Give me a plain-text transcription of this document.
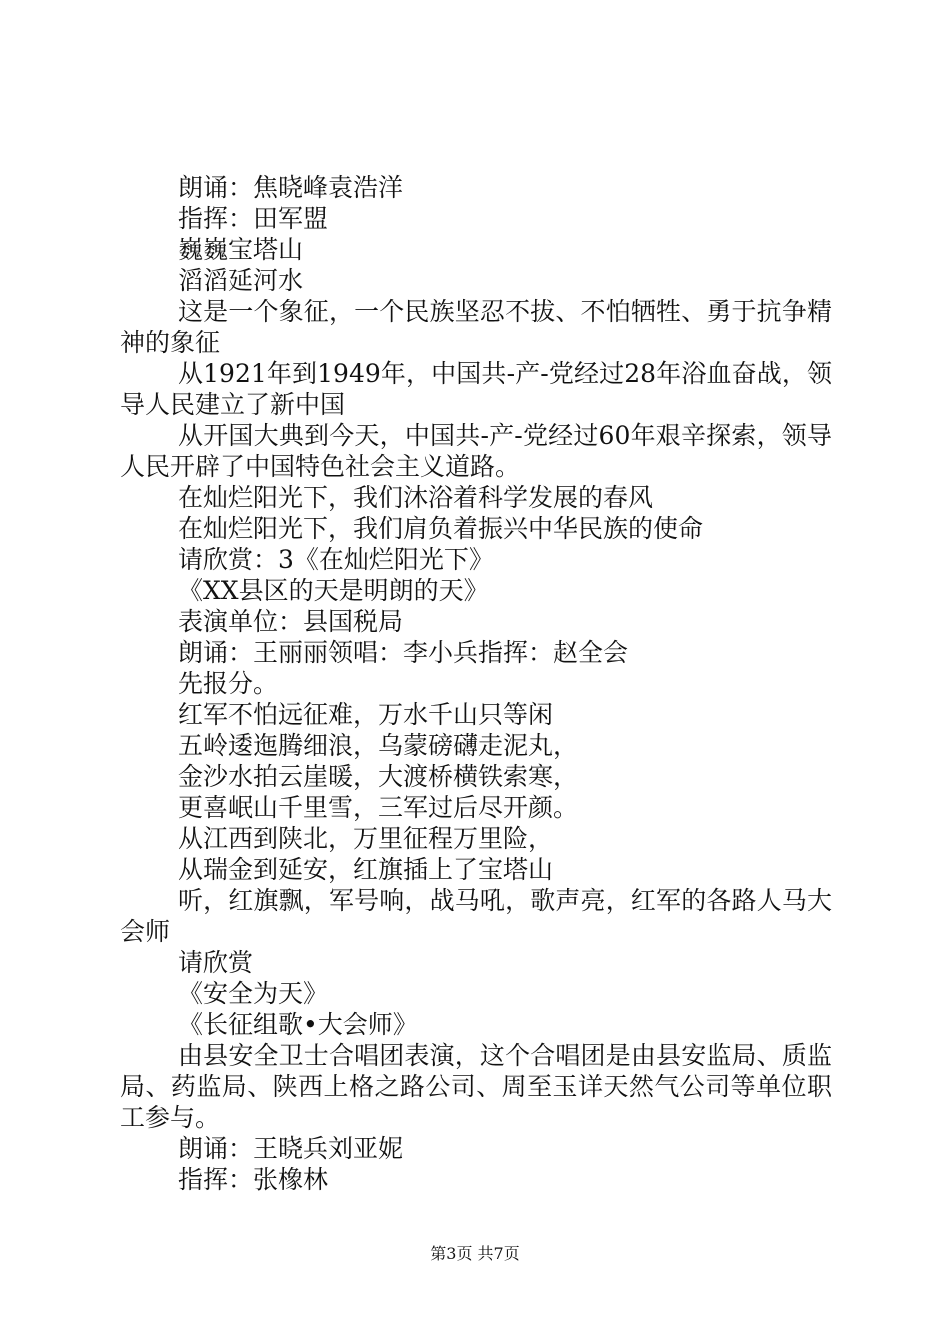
朗诵：焦晓峰袁浩洋

指挥：田军盟

巍巍宝塔山

滔滔延河水

这是一个象征，一个民族坚忍不拔、不怕牺牲、勇于抗争精神的象征

从1921年到1949年，中国共-产-党经过28年浴血奋战，领导人民建立了新中国

从开国大典到今天，中国共-产-党经过60年艰辛探索，领导人民开辟了中国特色社会主义道路。

在灿烂阳光下，我们沐浴着科学发展的春风

在灿烂阳光下，我们肩负着振兴中华民族的使命

请欣赏：3《在灿烂阳光下》

《XX县区的天是明朗的天》

表演单位：县国税局

朗诵：王丽丽领唱：李小兵指挥：赵全会

先报分。

红军不怕远征难，万水千山只等闲

五岭逶迤腾细浪，乌蒙磅礴走泥丸，

金沙水拍云崖暖，大渡桥横铁索寒，

更喜岷山千里雪，三军过后尽开颜。

从江西到陕北，万里征程万里险，

从瑞金到延安，红旗插上了宝塔山

听，红旗飘，军号响，战马吼，歌声亮，红军的各路人马大会师

请欣赏

《安全为天》

《长征组歌•大会师》

由县安全卫士合唱团表演，这个合唱团是由县安监局、质监局、药监局、陕西上格之路公司、周至玉详天然气公司等单位职工参与。

朗诵：王晓兵刘亚妮

指挥：张橡林

第3页 共7页
